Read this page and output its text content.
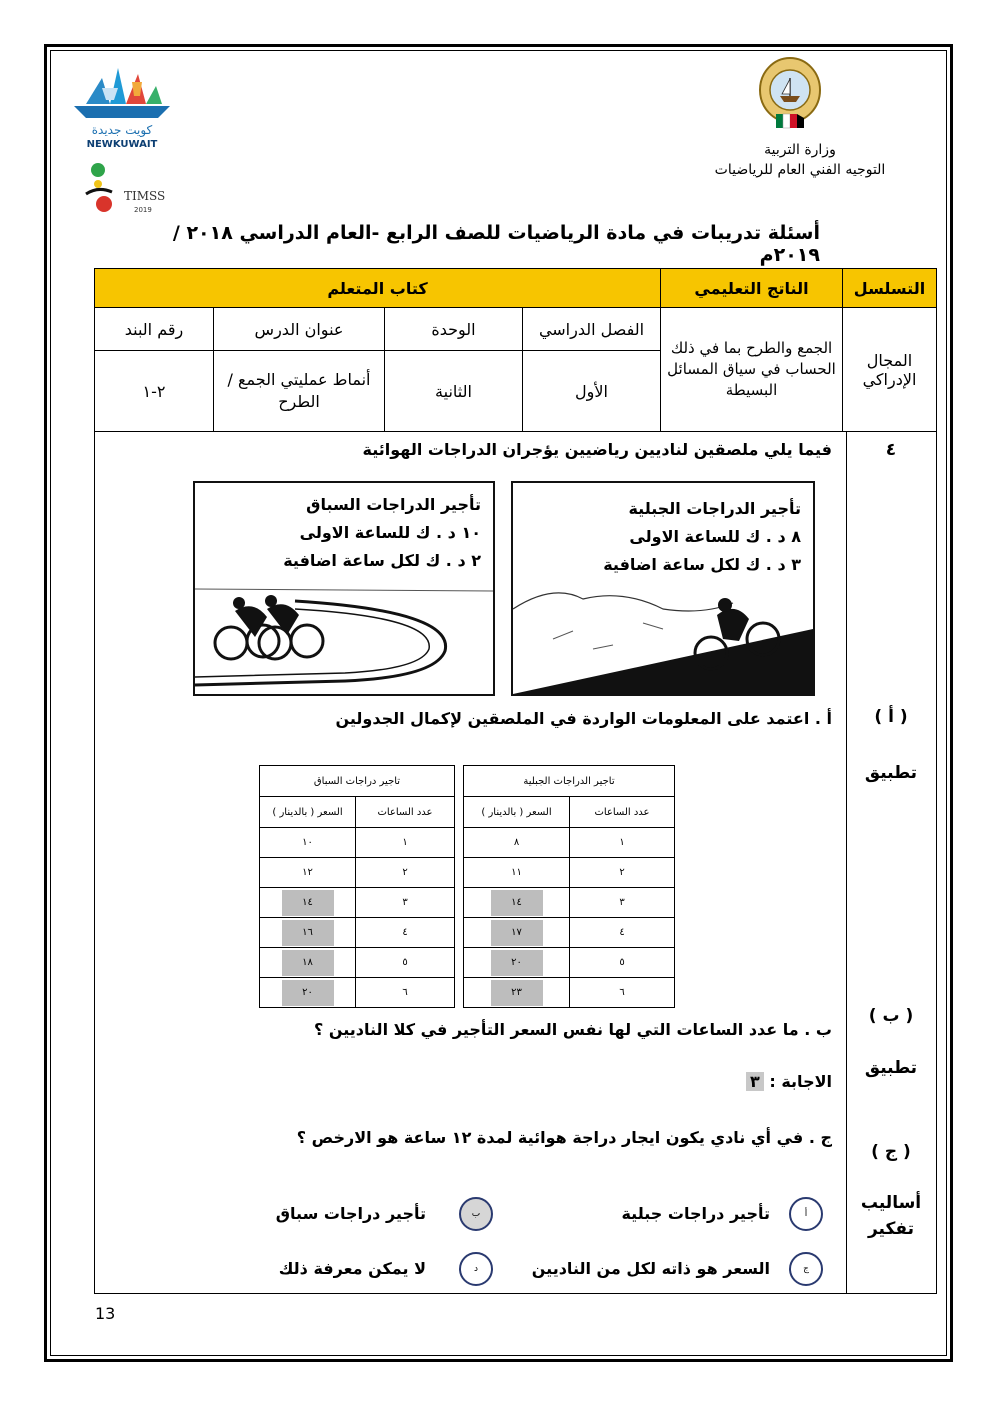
كويت جديدة
NEWKUWAIT
TIMSS
2019
وزارة التربية
التوجيه الفني العام للرياضيات
أسئلة تدريبات في مادة الرياضيات للصف الرابع -العام الدراسي ٢٠١٨ / ٢٠١٩م
التسلسل	الناتج التعليمي	كتاب المتعلم			
المجال الإدراكي	الجمع والطرح بما في ذلك الحساب في سياق المسائل البسيطة	الفصل الدراسي	الوحدة	عنوان الدرس	رقم البند
		الأول	الثانية	أنماط عمليتي الجمع / الطرح	٢-١
٤
( أ )
تطبيق
( ب )
تطبيق
( ج )
أساليب تفكير
فيما يلي ملصقين لناديين رياضيين يؤجران الدراجات الهوائية
تأجير الدراجات السباق
١٠ د . ك للساعة الاولى
٢ د . ك لكل ساعة اضافية
تأجير الدراجات الجبلية
٨ د . ك للساعة الاولى
٣ د . ك لكل ساعة اضافية
أ . اعتمد على المعلومات الواردة في الملصقين لإكمال الجدولين
تاجير دراجات السباق	
عدد الساعات	السعر ( بالدينار )
١	١٠
٢	١٢
٣	١٤
٤	١٦
٥	١٨
٦	٢٠
تاجير الدراجات الجبلية	
عدد الساعات	السعر ( بالدينار )
١	٨
٢	١١
٣	١٤
٤	١٧
٥	٢٠
٦	٢٣
ب . ما عدد الساعات التي لها نفس السعر التأجير في كلا الناديين ؟
الاجابة : ٣
ج . في أي نادي يكون ايجار دراجة هوائية لمدة ١٢ ساعة هو الارخص ؟
أ
تأجير دراجات جبلية
ب
تأجير دراجات سباق
ج
السعر هو ذاته لكل من الناديين
د
لا يمكن معرفة ذلك
13
